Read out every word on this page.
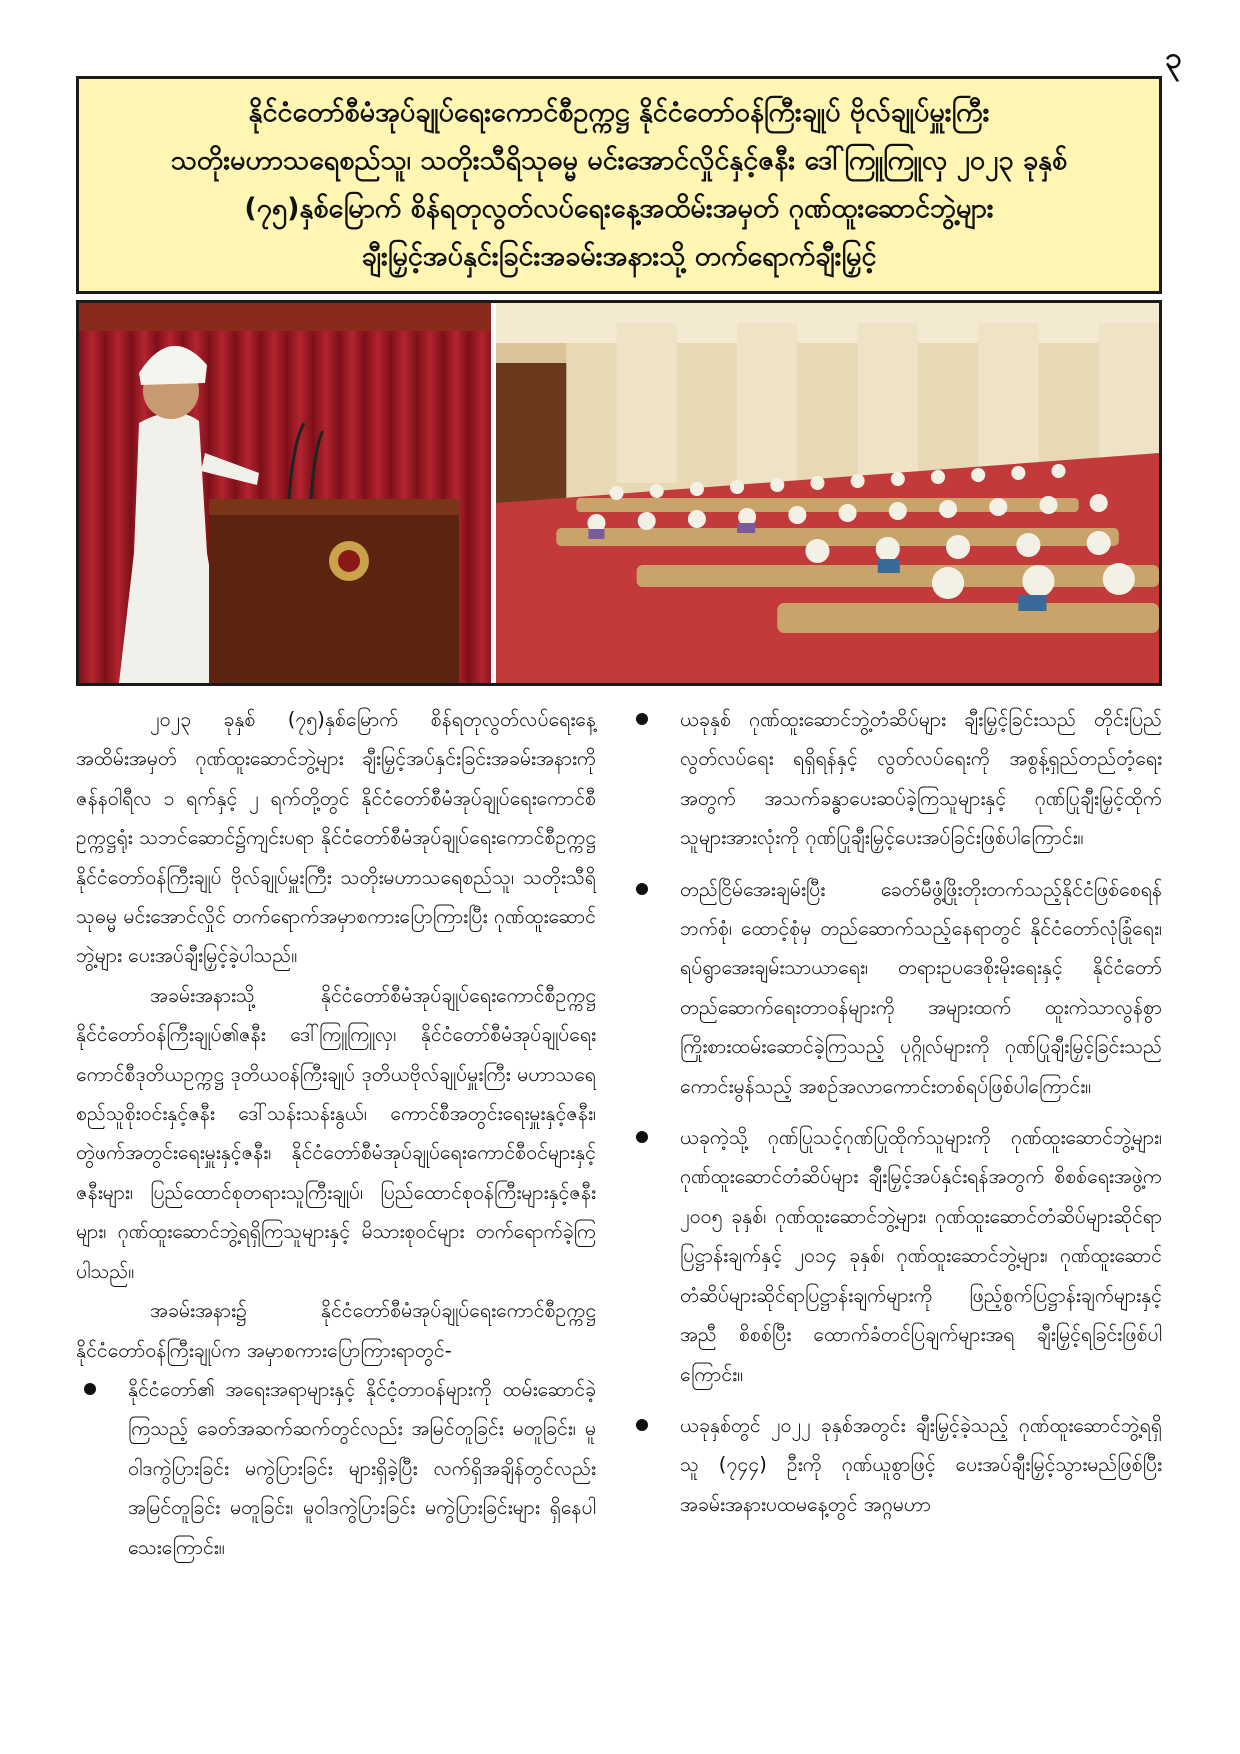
၃
နိုင်ငံတော်စီမံအုပ်ချုပ်ရေးကောင်စီဥက္ကဋ္ဌ နိုင်ငံတော်ဝန်ကြီးချုပ် ဗိုလ်ချုပ်မှူးကြီး
သတိုးမဟာသရေစည်သူ၊ သတိုးသီရိသုဓမ္မ မင်းအောင်လှိုင်နှင့်ဇနီး ဒေါ်ကြူကြူလှ ၂၀၂၃ ခုနှစ်
(၇၅)နှစ်မြောက် စိန်ရတုလွတ်လပ်ရေးနေ့အထိမ်းအမှတ် ဂုဏ်ထူးဆောင်ဘွဲ့များ
ချီးမြှင့်အပ်နှင်းခြင်းအခမ်းအနားသို့ တက်ရောက်ချီးမြှင့်

၂၀၂၃ ခုနှစ် (၇၅)နှစ်မြောက် စိန်ရတုလွတ်လပ်ရေးနေ့အထိမ်းအမှတ် ဂုဏ်ထူးဆောင်ဘွဲ့များ ချီးမြှင့်အပ်နှင်းခြင်းအခမ်းအနားကို ဇန်နဝါရီလ ၁ ရက်နှင့် ၂ ရက်တို့တွင် နိုင်ငံတော်စီမံအုပ်ချုပ်ရေးကောင်စီဥက္ကဋ္ဌရုံး သဘင်ဆောင်၌ကျင်းပရာ နိုင်ငံတော်စီမံအုပ်ချုပ်ရေးကောင်စီဥက္ကဋ္ဌ နိုင်ငံတော်ဝန်ကြီးချုပ် ဗိုလ်ချုပ်မှူးကြီး သတိုးမဟာသရေစည်သူ၊ သတိုးသီရိသုဓမ္မ မင်းအောင်လှိုင် တက်ရောက်အမှာစကားပြောကြားပြီး ဂုဏ်ထူးဆောင်ဘွဲ့များ ပေးအပ်ချီးမြှင့်ခဲ့ပါသည်။

အခမ်းအနားသို့ နိုင်ငံတော်စီမံအုပ်ချုပ်ရေးကောင်စီဥက္ကဋ္ဌ နိုင်ငံတော်ဝန်ကြီးချုပ်၏ဇနီး ဒေါ်ကြူကြူလှ၊ နိုင်ငံတော်စီမံအုပ်ချုပ်ရေးကောင်စီဒုတိယဥက္ကဋ္ဌ ဒုတိယဝန်ကြီးချုပ် ဒုတိယဗိုလ်ချုပ်မှူးကြီး မဟာသရေစည်သူစိုးဝင်းနှင့်ဇနီး ဒေါ်သန်းသန်းနွယ်၊ ကောင်စီအတွင်းရေးမှူးနှင့်ဇနီး၊ တွဲဖက်အတွင်းရေးမှူးနှင့်ဇနီး၊ နိုင်ငံတော်စီမံအုပ်ချုပ်ရေးကောင်စီဝင်များနှင့် ဇနီးများ၊ ပြည်ထောင်စုတရားသူကြီးချုပ်၊ ပြည်ထောင်စုဝန်ကြီးများနှင့်ဇနီးများ၊ ဂုဏ်ထူးဆောင်ဘွဲ့ရရှိကြသူများနှင့် မိသားစုဝင်များ တက်ရောက်ခဲ့ကြပါသည်။

အခမ်းအနား၌ နိုင်ငံတော်စီမံအုပ်ချုပ်ရေးကောင်စီဥက္ကဋ္ဌ နိုင်ငံတော်ဝန်ကြီးချုပ်က အမှာစကားပြောကြားရာတွင်-

နိုင်ငံတော်၏ အရေးအရာများနှင့် နိုင်ငံ့တာဝန်များကို ထမ်းဆောင်ခဲ့ကြသည့် ခေတ်အဆက်ဆက်တွင်လည်း အမြင်တူခြင်း မတူခြင်း၊ မူဝါဒကွဲပြားခြင်း မကွဲပြားခြင်း များရှိခဲ့ပြီး လက်ရှိအချိန်တွင်လည်း အမြင်တူခြင်း မတူခြင်း၊ မူဝါဒကွဲပြားခြင်း မကွဲပြားခြင်းများ ရှိနေပါသေးကြောင်း။
ယခုနှစ် ဂုဏ်ထူးဆောင်ဘွဲ့တံဆိပ်များ ချီးမြှင့်ခြင်းသည် တိုင်းပြည်လွတ်လပ်ရေး ရရှိရန်နှင့် လွတ်လပ်ရေးကို အစွန့်ရှည်တည်တံ့ရေးအတွက် အသက်ခန္ဓာပေးဆပ်ခဲ့ကြသူများနှင့် ဂုဏ်ပြုချီးမြှင့်ထိုက်သူများအားလုံးကို ဂုဏ်ပြုချီးမြှင့်ပေးအပ်ခြင်းဖြစ်ပါကြောင်း။
တည်ငြိမ်အေးချမ်းပြီး ခေတ်မီဖွံ့ဖြိုးတိုးတက်သည့်နိုင်ငံဖြစ်စေရန် ဘက်စုံ၊ ထောင့်စုံမှ တည်ဆောက်သည့်နေရာတွင် နိုင်ငံတော်လုံခြုံရေး၊ ရပ်ရွာအေးချမ်းသာယာရေး၊ တရားဥပဒေစိုးမိုးရေးနှင့် နိုင်ငံတော်တည်ဆောက်ရေးတာဝန်များကို အများထက် ထူးကဲသာလွန်စွာ ကြိုးစားထမ်းဆောင်ခဲ့ကြသည့် ပုဂ္ဂိုလ်များကို ဂုဏ်ပြုချီးမြှင့်ခြင်းသည် ကောင်းမွန်သည့် အစဉ်အလာကောင်းတစ်ရပ်ဖြစ်ပါကြောင်း။
ယခုကဲ့သို့ ဂုဏ်ပြုသင့်ဂုဏ်ပြုထိုက်သူများကို ဂုဏ်ထူးဆောင်ဘွဲ့များ၊ ဂုဏ်ထူးဆောင်တံဆိပ်များ ချီးမြှင့်အပ်နှင်းရန်အတွက် စိစစ်ရေးအဖွဲ့က ၂၀၀၅ ခုနှစ်၊ ဂုဏ်ထူးဆောင်ဘွဲ့များ၊ ဂုဏ်ထူးဆောင်တံဆိပ်များဆိုင်ရာ ပြဋ္ဌာန်းချက်နှင့် ၂၀၁၄ ခုနှစ်၊ ဂုဏ်ထူးဆောင်ဘွဲ့များ၊ ဂုဏ်ထူးဆောင်တံဆိပ်များဆိုင်ရာပြဋ္ဌာန်းချက်များကို ဖြည့်စွက်ပြဋ္ဌာန်းချက်များနှင့်အညီ စိစစ်ပြီး ထောက်ခံတင်ပြချက်များအရ ချီးမြှင့်ရခြင်းဖြစ်ပါကြောင်း။
ယခုနှစ်တွင် ၂၀၂၂ ခုနှစ်အတွင်း ချီးမြှင့်ခဲ့သည့် ဂုဏ်ထူးဆောင်ဘွဲ့ရရှိသူ (၇၄၄) ဦးကို ဂုဏ်ယူစွာဖြင့် ပေးအပ်ချီးမြှင့်သွားမည်ဖြစ်ပြီး အခမ်းအနားပထမနေ့တွင် အဂ္ဂမဟာ
